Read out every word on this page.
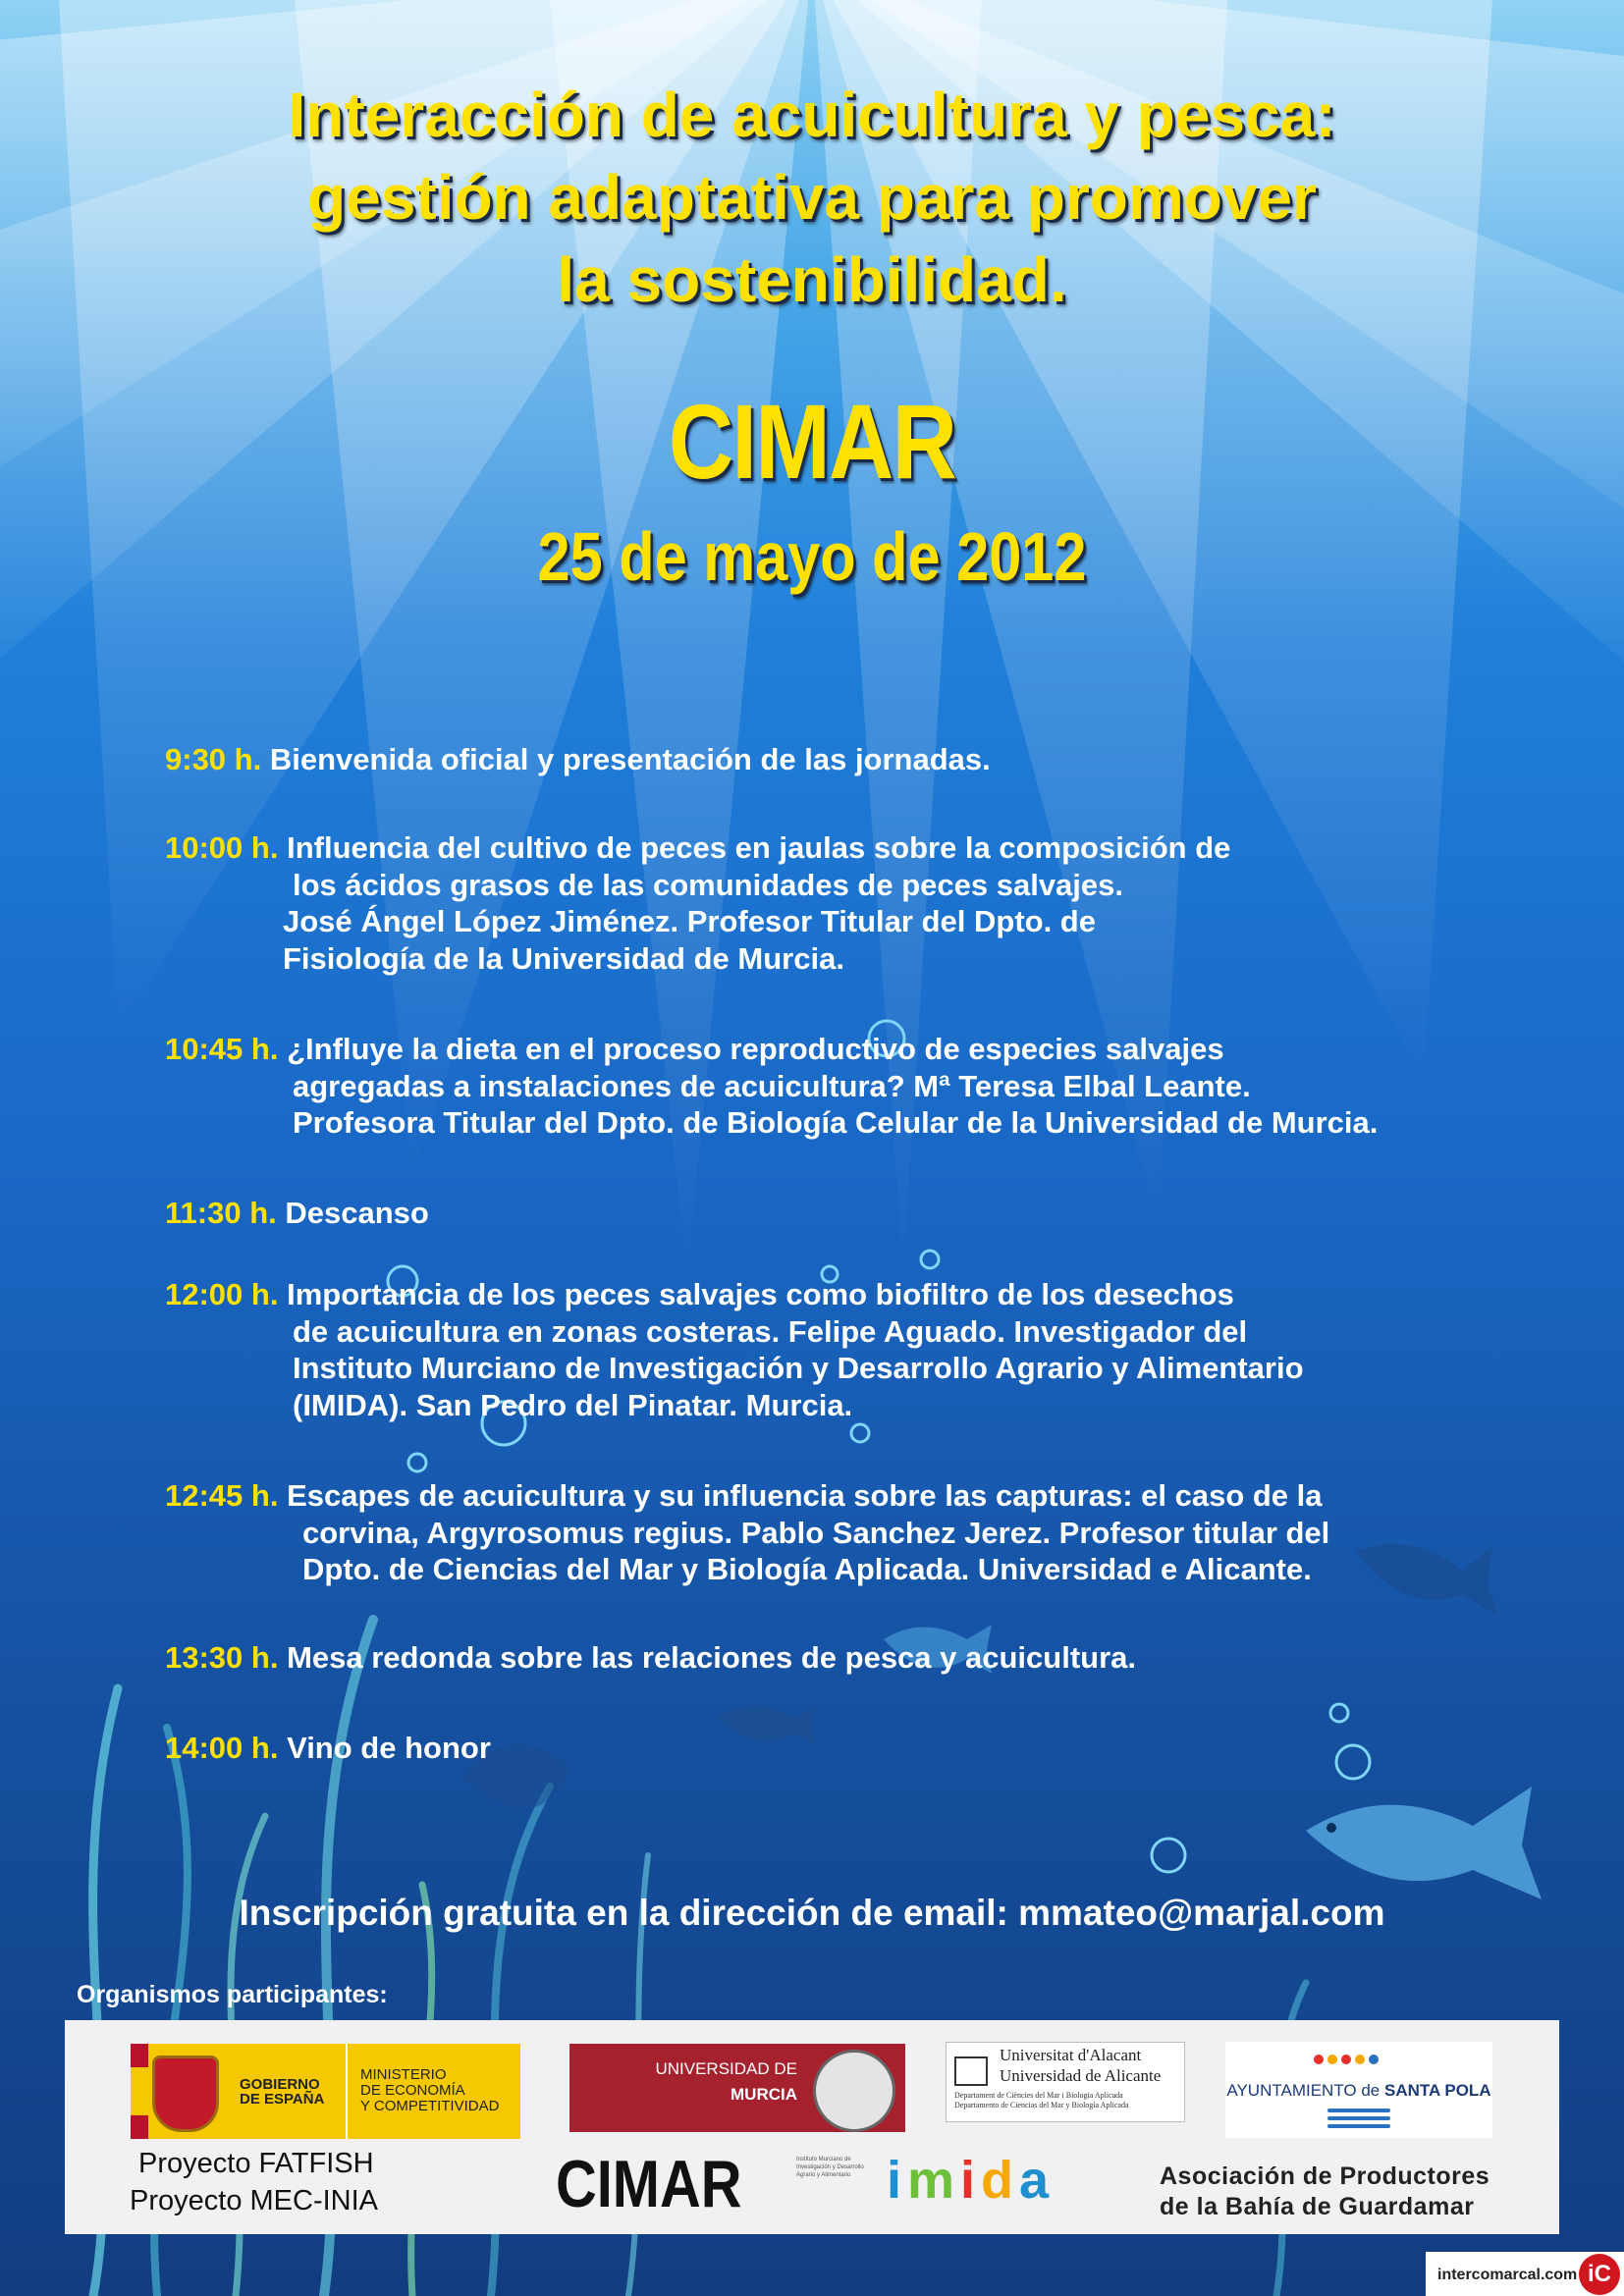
Interacción de acuicultura y pesca:
gestión adaptativa para promover
la sostenibilidad.
CIMAR
25 de mayo de 2012
9:30 h. Bienvenida oficial y presentación de las jornadas.
10:00 h. Influencia del cultivo de peces en jaulas sobre la composición de
los ácidos grasos de las comunidades de peces salvajes.
José Ángel López Jiménez. Profesor Titular del Dpto. de
Fisiología de la Universidad de Murcia.
10:45 h. ¿Influye la dieta en el proceso reproductivo de especies salvajes
agregadas a instalaciones de acuicultura? Mª Teresa Elbal Leante.
Profesora Titular del Dpto. de Biología Celular de la Universidad de Murcia.
11:30 h. Descanso
12:00 h. Importancia de los peces salvajes como biofiltro de los desechos
de acuicultura en zonas costeras. Felipe Aguado. Investigador del
Instituto Murciano de Investigación y Desarrollo Agrario y Alimentario
(IMIDA). San Pedro del Pinatar. Murcia.
12:45 h. Escapes de acuicultura y su influencia sobre las capturas: el caso de la
corvina, Argyrosomus regius. Pablo Sanchez Jerez. Profesor titular del
Dpto. de Ciencias del Mar y Biología Aplicada. Universidad e Alicante.
13:30 h. Mesa redonda sobre las relaciones de pesca y acuicultura.
14:00 h. Vino de honor
Inscripción gratuita en la dirección de email: mmateo@marjal.com
Organismos participantes:
GOBIERNO
DE ESPAÑA
MINISTERIO
DE ECONOMÍA
Y COMPETITIVIDAD
Proyecto FATFISH
Proyecto MEC-INIA
UNIVERSIDAD DE
MURCIA
Universitat d'Alacant
Universidad de Alicante
Departament de Ciències del Mar i Biologia Aplicada
Departamento de Ciencias del Mar y Biología Aplicada
AYUNTAMIENTO de SANTA POLA
CIMAR	Instituto Murciano de Investigación y Desarrollo Agrario y Alimentario imida	Asociación de Productores
de la Bahía de Guardamar
intercomarcal.com iC
